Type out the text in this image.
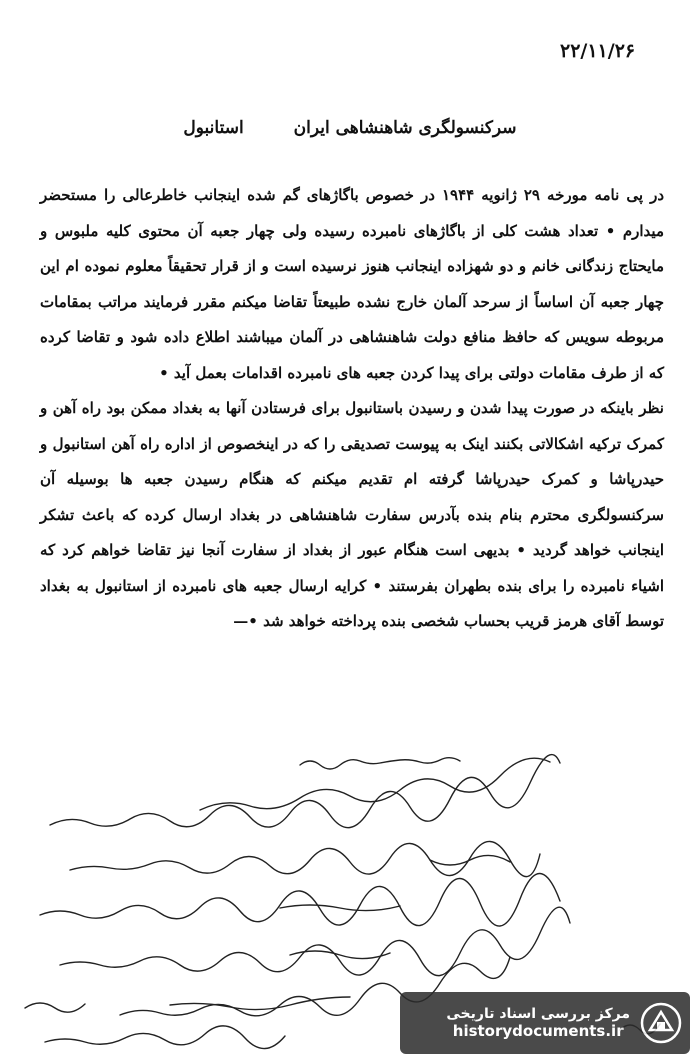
۲۲/۱۱/۲۶
سرکنسولگری شاهنشاهی ایران استانبول

در پی نامه مورخه ۲۹ ژانویه ۱۹۴۴ در خصوص باگاژهای گم شده اینجانب خاطرعالی را مستحضر میدارم • تعداد هشت کلی از باگاژهای نامبرده رسیده ولی چهار جعبه آن محتوی کلیه ملبوس و مایحتاج زندگانی خانم و دو شهزاده اینجانب هنوز نرسیده است و از قرار تحقیقاً معلوم نموده ام این چهار جعبه آن اساساً از سرحد آلمان خارج نشده طبیعتاً تقاضا میکنم مقرر فرمایند مراتب بمقامات مربوطه سویس که حافظ منافع دولت شاهنشاهی در آلمان میباشند اطلاع داده شود و تقاضا کرده که از طرف مقامات دولتی برای پیدا کردن جعبه های نامبرده اقدامات بعمل آید •

نظر باینکه در صورت پیدا شدن و رسیدن باستانبول برای فرستادن آنها به بغداد ممکن بود راه آهن و کمرک ترکیه اشکالاتی بکنند اینک به پیوست تصدیقی را که در اینخصوص از اداره راه آهن استانبول و حیدرپاشا و کمرک حیدرپاشا گرفته ام تقدیم میکنم که هنگام رسیدن جعبه ها بوسیله آن سرکنسولگری محترم بنام بنده بآدرس سفارت شاهنشاهی در بغداد ارسال کرده که باعث تشکر اینجانب خواهد گردید • بدیهی است هنگام عبور از بغداد از سفارت آنجا نیز تقاضا خواهم کرد که اشیاء نامبرده را برای بنده بطهران بفرستند • کرایه ارسال جعبه های نامبرده از استانبول به بغداد توسط آقای هرمز قریب بحساب شخصی بنده پرداخته خواهد شد •—

مرکز بررسی اسناد تاریخی
historydocuments.ir
